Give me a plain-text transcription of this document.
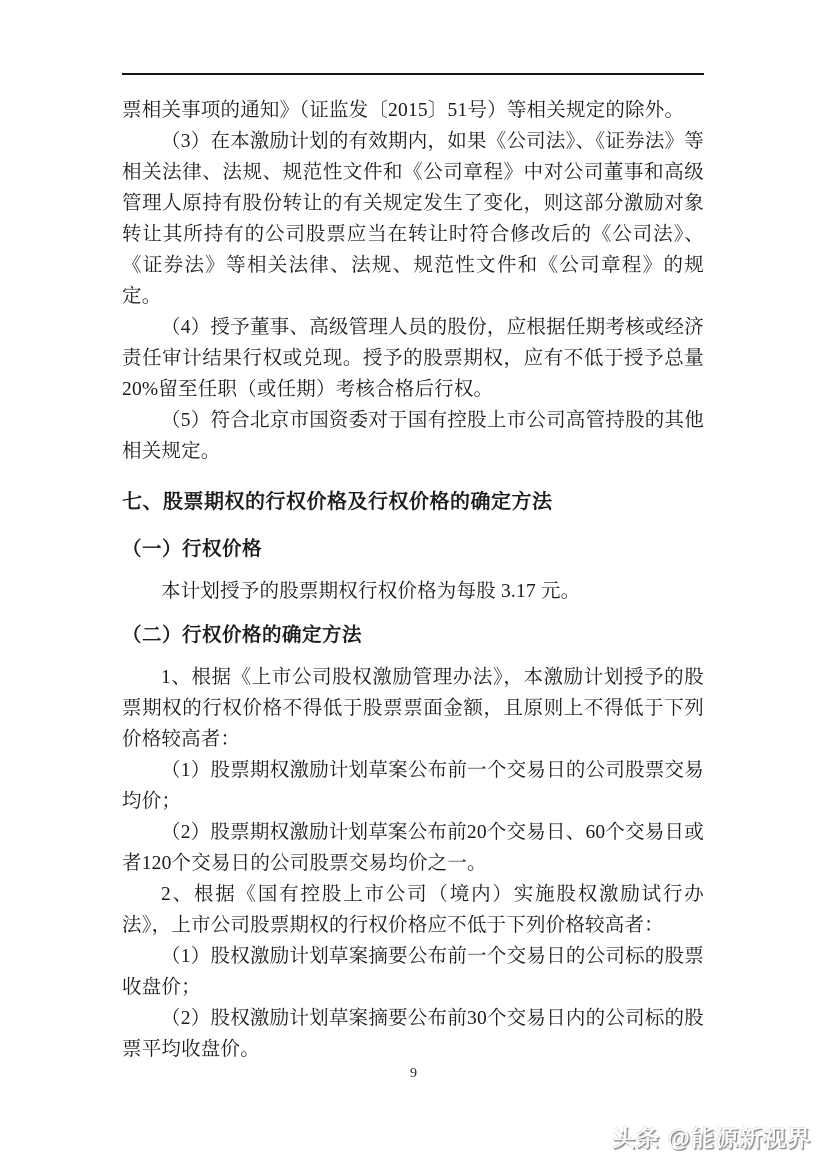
票相关事项的通知》（证监发〔2015〕51号）等相关规定的除外。

（3）在本激励计划的有效期内，如果《公司法》、《证券法》等相关法律、法规、规范性文件和《公司章程》中对公司董事和高级管理人原持有股份转让的有关规定发生了变化，则这部分激励对象转让其所持有的公司股票应当在转让时符合修改后的《公司法》、《证券法》等相关法律、法规、规范性文件和《公司章程》的规定。

（4）授予董事、高级管理人员的股份，应根据任期考核或经济责任审计结果行权或兑现。授予的股票期权，应有不低于授予总量 20%留至任职（或任期）考核合格后行权。

（5）符合北京市国资委对于国有控股上市公司高管持股的其他相关规定。

七、股票期权的行权价格及行权价格的确定方法

（一）行权价格

本计划授予的股票期权行权价格为每股 3.17 元。

（二）行权价格的确定方法

1、根据《上市公司股权激励管理办法》，本激励计划授予的股票期权的行权价格不得低于股票票面金额，且原则上不得低于下列价格较高者：

（1）股票期权激励计划草案公布前一个交易日的公司股票交易均价；

（2）股票期权激励计划草案公布前20个交易日、60个交易日或者120个交易日的公司股票交易均价之一。

2、根据《国有控股上市公司（境内）实施股权激励试行办法》，上市公司股票期权的行权价格应不低于下列价格较高者：

（1）股权激励计划草案摘要公布前一个交易日的公司标的股票收盘价；

（2）股权激励计划草案摘要公布前30个交易日内的公司标的股票平均收盘价。

9
头条 @能源新视界
